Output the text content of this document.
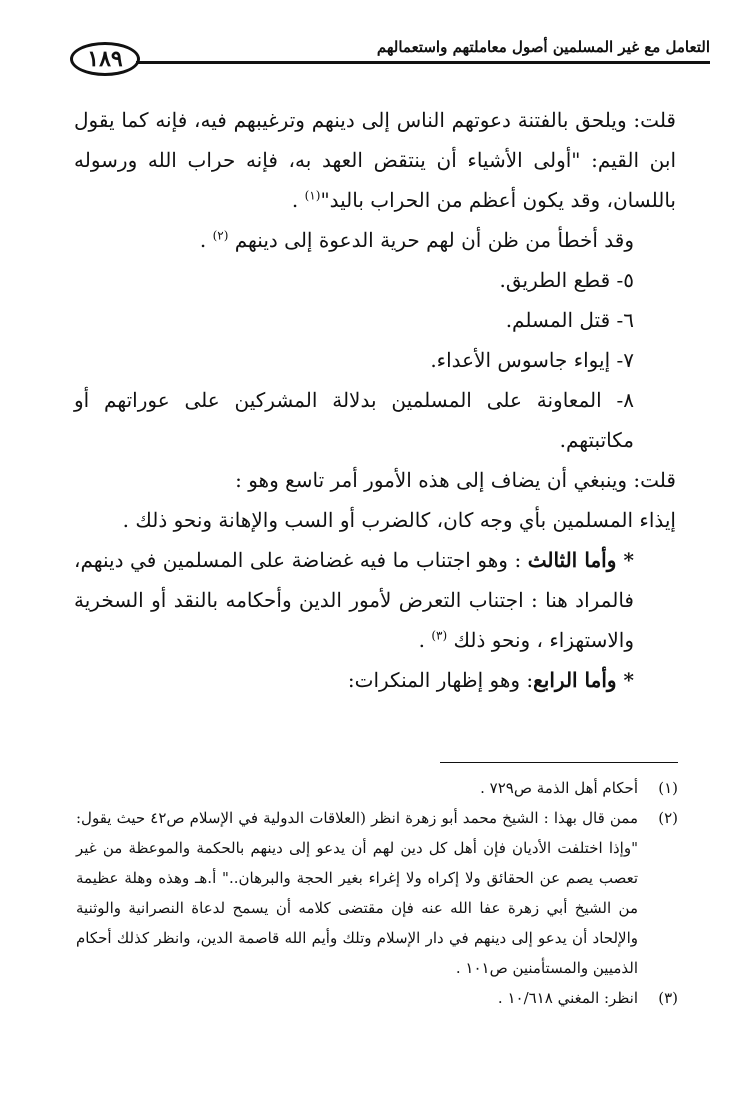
١٨٩	التعامل مع غير المسلمين أصول معاملتهم واستعمالهم

قلت: ويلحق بالفتنة دعوتهم الناس إلى دينهم وترغيبهم فيه، فإنه كما يقول ابن القيم: "أولى الأشياء أن ينتقض العهد به، فإنه حراب الله ورسوله باللسان، وقد يكون أعظم من الحراب باليد"$^{(١)}$ .

وقد أخطأ من ظن أن لهم حرية الدعوة إلى دينهم $^{(٢)}$ .

٥- قطع الطريق.

٦- قتل المسلم.

٧- إيواء جاسوس الأعداء.

٨- المعاونة على المسلمين بدلالة المشركين على عوراتهم أو مكاتبتهم.

قلت: وينبغي أن يضاف إلى هذه الأمور أمر تاسع وهو :

إيذاء المسلمين بأي وجه كان، كالضرب أو السب والإهانة ونحو ذلك .

* وأما الثالث : وهو اجتناب ما فيه غضاضة على المسلمين في دينهم، فالمراد هنا : اجتناب التعرض لأمور الدين وأحكامه بالنقد أو السخرية والاستهزاء ، ونحو ذلك $^{(٣)}$ .

* وأما الرابع: وهو إظهار المنكرات:

(١)
أحكام أهل الذمة ص٧٢٩ .
(٢)
ممن قال بهذا : الشيخ محمد أبو زهرة انظر (العلاقات الدولية في الإسلام ص٤٢ حيث يقول: "وإذا اختلفت الأديان فإن أهل كل دين لهم أن يدعو إلى دينهم بالحكمة والموعظة من غير تعصب يصم عن الحقائق ولا إكراه ولا إغراء بغير الحجة والبرهان.." أ.هـ وهذه وهلة عظيمة من الشيخ أبي زهرة عفا الله عنه فإن مقتضى كلامه أن يسمح لدعاة النصرانية والوثنية والإلحاد أن يدعو إلى دينهم في دار الإسلام وتلك وأيم الله قاصمة الدين، وانظر كذلك أحكام الذميين والمستأمنين ص١٠١ .
(٣)
انظر: المغني ١٠/٦١٨ .
